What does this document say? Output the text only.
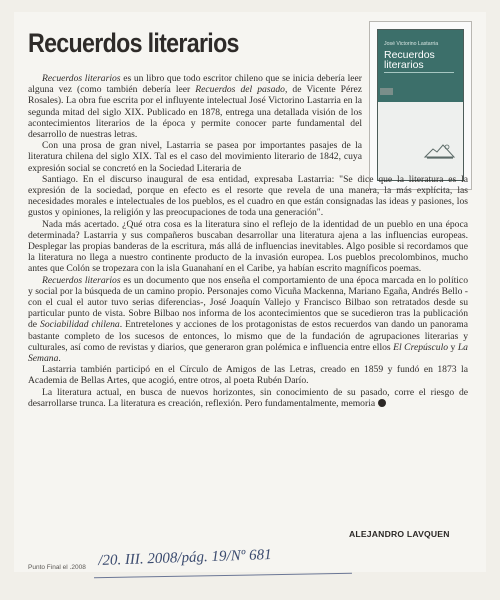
Recuerdos literarios	José Victorino Lastarria
Recuerdos literarios

Recuerdos literarios es un libro que todo escritor chileno que se inicia debería leer alguna vez (como también debería leer Recuerdos del pasado, de Vicente Pérez Rosales). La obra fue escrita por el influyente intelectual José Victorino Lastarria en la segunda mitad del siglo XIX. Publicado en 1878, entrega una detallada visión de los acontecimientos literarios de la época y permite conocer parte fundamental del desarrollo de nuestras letras.

Con una prosa de gran nivel, Lastarria se pasea por importantes pasajes de la literatura chilena del siglo XIX. Tal es el caso del movimiento literario de 1842, cuya expresión social se concretó en la Sociedad Literaria de

Santiago. En el discurso inaugural de esa entidad, expresaba Lastarria: "Se dice que la literatura es la expresión de la sociedad, porque en efecto es el resorte que revela de una manera, la más explícita, las necesidades morales e intelectuales de los pueblos, es el cuadro en que están consignadas las ideas y pasiones, los gustos y opiniones, la religión y las preocupaciones de toda una generación".

Nada más acertado. ¿Qué otra cosa es la literatura sino el reflejo de la identidad de un pueblo en una época determinada? Lastarria y sus compañeros buscaban desarrollar una literatura ajena a las influencias europeas. Desplegar las propias banderas de la escritura, más allá de influencias inevitables. Algo posible si recordamos que la literatura no llega a nuestro continente producto de la invasión europea. Los pueblos precolombinos, mucho antes que Colón se tropezara con la isla Guanahaní en el Caribe, ya habían escrito magníficos poemas.

Recuerdos literarios es un documento que nos enseña el comportamiento de una época marcada en lo político y social por la búsqueda de un camino propio. Personajes como Vicuña Mackenna, Mariano Egaña, Andrés Bello -con el cual el autor tuvo serias diferencias-, José Joaquín Vallejo y Francisco Bilbao son retratados desde su particular punto de vista. Sobre Bilbao nos informa de los acontecimientos que se sucedieron tras la publicación de Sociabilidad chilena. Entretelones y acciones de los protagonistas de estos recuerdos van dando un panorama bastante completo de los sucesos de entonces, lo mismo que de la fundación de agrupaciones literarias y culturales, así como de revistas y diarios, que generaron gran polémica e influencia entre ellos El Crepúsculo y La Semana.

Lastarria también participó en el Círculo de Amigos de las Letras, creado en 1859 y fundó en 1873 la Academia de Bellas Artes, que acogió, entre otros, al poeta Rubén Darío.

La literatura actual, en busca de nuevos horizontes, sin conocimiento de su pasado, corre el riesgo de desarrollarse trunca. La literatura es creación, reflexión. Pero fundamentalmente, memoria

ALEJANDRO LAVQUEN
Punto Final el .2008 /20. III. 2008/pág. 19/Nº 681
